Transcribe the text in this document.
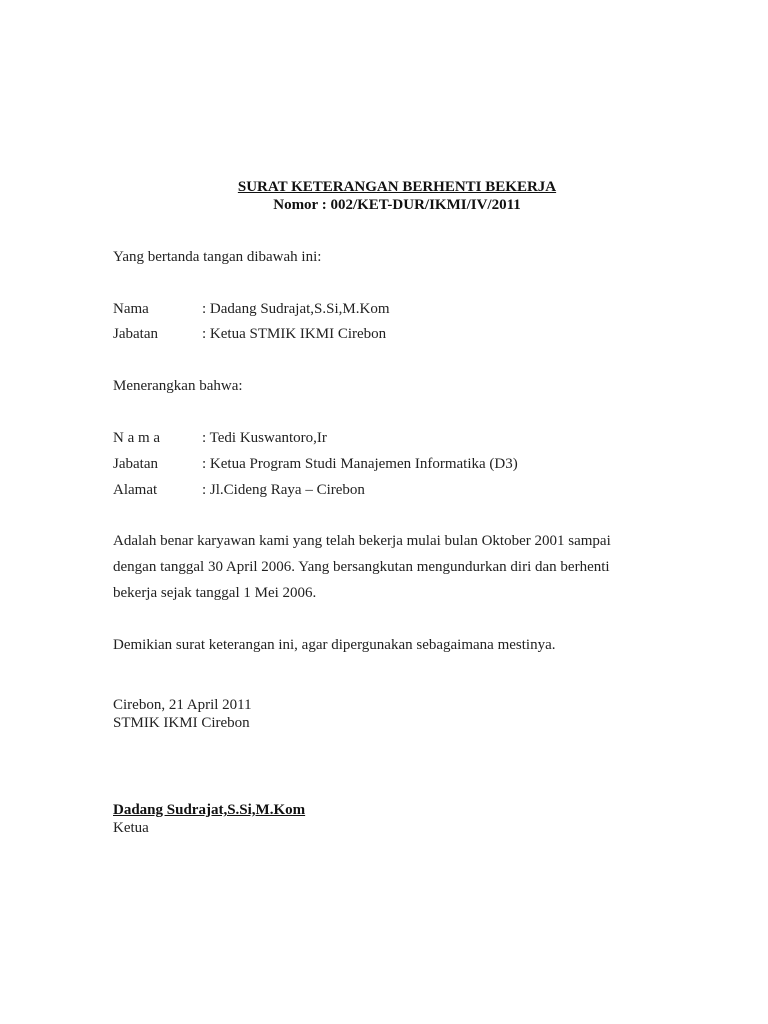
SURAT KETERANGAN BERHENTI BEKERJA
Nomor : 002/KET-DUR/IKMI/IV/2011
Yang bertanda tangan dibawah ini:
Nama	: Dadang Sudrajat,S.Si,M.Kom
Jabatan	: Ketua STMIK IKMI Cirebon
Menerangkan bahwa:
N a m a	: Tedi Kuswantoro,Ir
Jabatan	: Ketua Program Studi Manajemen Informatika (D3)
Alamat	: Jl.Cideng Raya – Cirebon
Adalah benar karyawan kami yang telah bekerja mulai bulan Oktober 2001 sampai
dengan tanggal 30 April 2006. Yang bersangkutan mengundurkan diri dan berhenti
bekerja sejak tanggal 1 Mei 2006.
Demikian surat keterangan ini, agar dipergunakan sebagaimana mestinya.
Cirebon, 21 April 2011
STMIK IKMI Cirebon
Dadang Sudrajat,S.Si,M.Kom
Ketua
